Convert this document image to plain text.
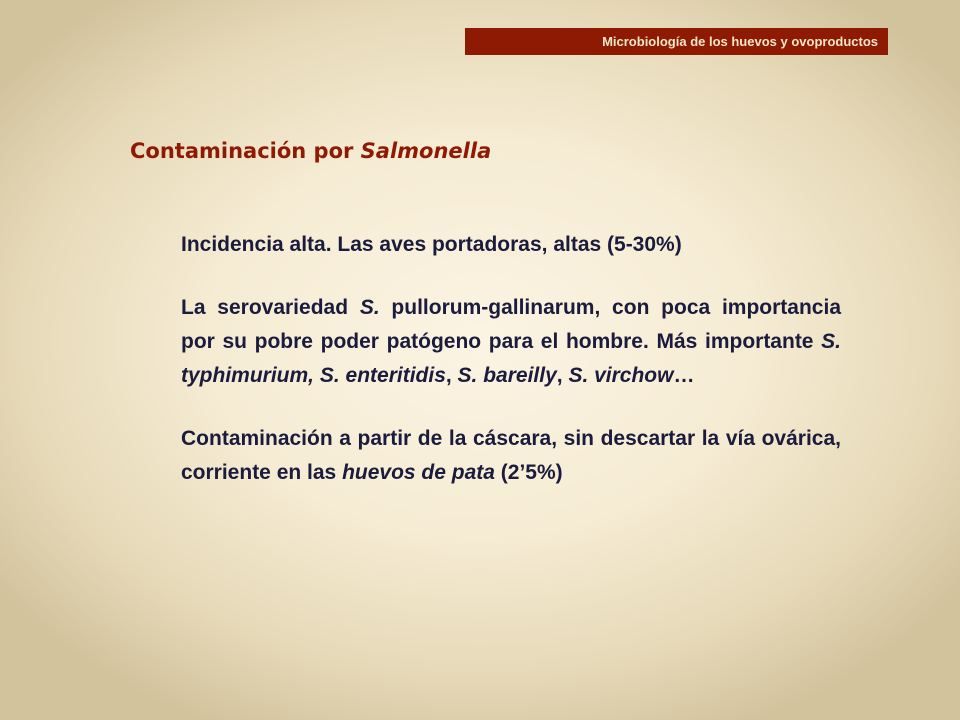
Microbiología de los huevos y ovoproductos
Contaminación por Salmonella

Incidencia alta. Las aves portadoras, altas (5-30%)

La serovariedad S. pullorum-gallinarum, con poca importancia por su pobre poder patógeno para el hombre. Más importante S. typhimurium, S. enteritidis, S. bareilly, S. virchow…

Contaminación a partir de la cáscara, sin descartar la vía ovárica, corriente en las huevos de pata (2’5%)
